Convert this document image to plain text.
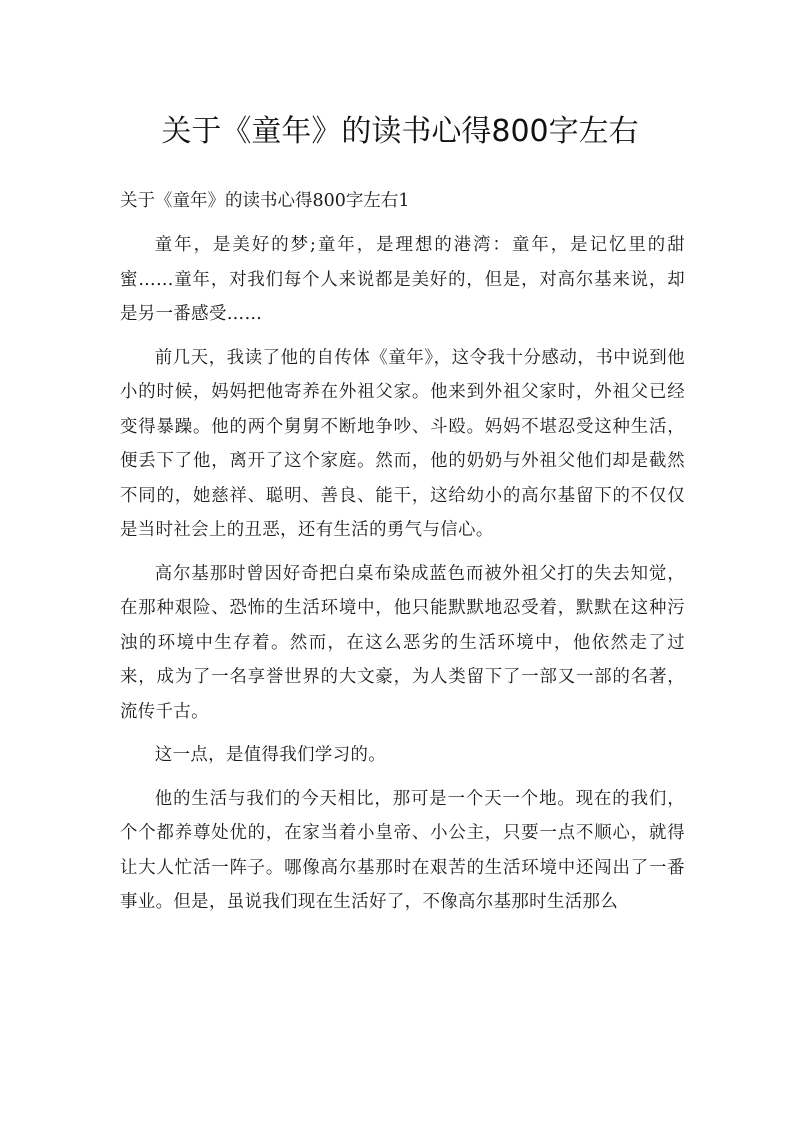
关于《童年》的读书心得800字左右
关于《童年》的读书心得800字左右1

童年，是美好的梦;童年，是理想的港湾：童年，是记忆里的甜蜜……童年，对我们每个人来说都是美好的，但是，对高尔基来说，却是另一番感受……

前几天，我读了他的自传体《童年》，这令我十分感动，书中说到他小的时候，妈妈把他寄养在外祖父家。他来到外祖父家时，外祖父已经变得暴躁。他的两个舅舅不断地争吵、斗殴。妈妈不堪忍受这种生活，便丢下了他，离开了这个家庭。然而，他的奶奶与外祖父他们却是截然不同的，她慈祥、聪明、善良、能干，这给幼小的高尔基留下的不仅仅是当时社会上的丑恶，还有生活的勇气与信心。

高尔基那时曾因好奇把白桌布染成蓝色而被外祖父打的失去知觉，在那种艰险、恐怖的生活环境中，他只能默默地忍受着，默默在这种污浊的环境中生存着。然而，在这么恶劣的生活环境中，他依然走了过来，成为了一名享誉世界的大文豪，为人类留下了一部又一部的名著，流传千古。

这一点，是值得我们学习的。

他的生活与我们的今天相比，那可是一个天一个地。现在的我们，个个都养尊处优的，在家当着小皇帝、小公主，只要一点不顺心，就得让大人忙活一阵子。哪像高尔基那时在艰苦的生活环境中还闯出了一番事业。但是，虽说我们现在生活好了，不像高尔基那时生活那么
